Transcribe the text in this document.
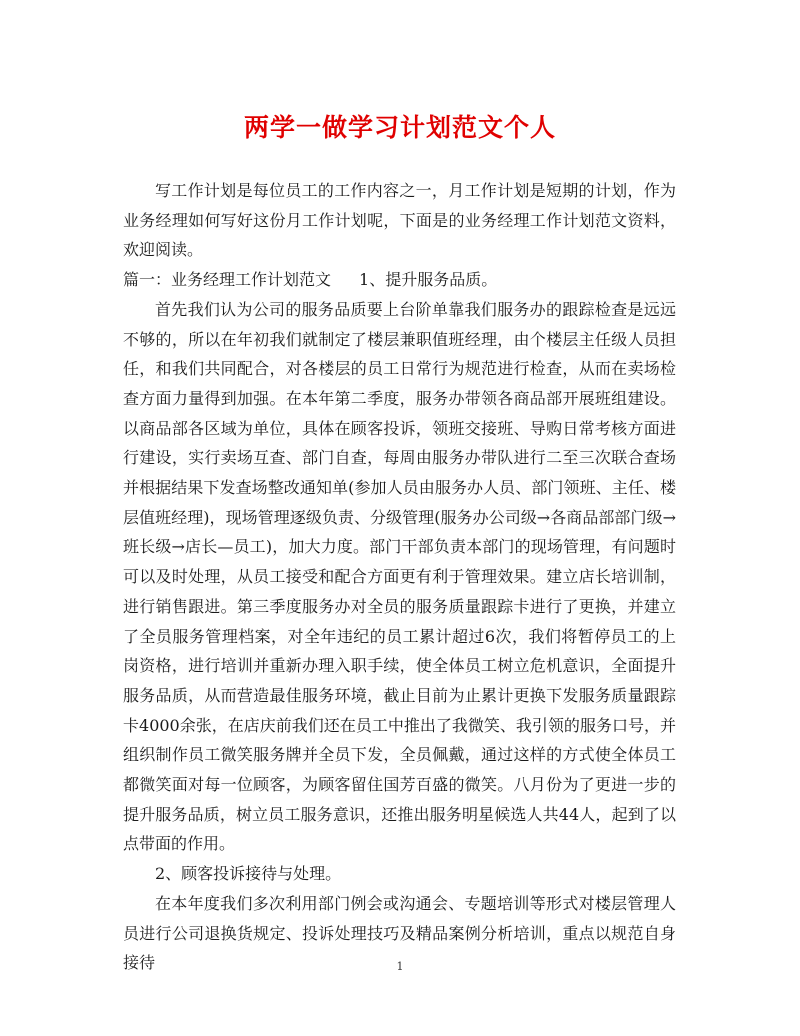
两学一做学习计划范文个人

写工作计划是每位员工的工作内容之一，月工作计划是短期的计划，作为业务经理如何写好这份月工作计划呢，下面是的业务经理工作计划范文资料，欢迎阅读。

篇一：业务经理工作计划范文 1、提升服务品质。

首先我们认为公司的服务品质要上台阶单靠我们服务办的跟踪检查是远远不够的，所以在年初我们就制定了楼层兼职值班经理，由个楼层主任级人员担任，和我们共同配合，对各楼层的员工日常行为规范进行检查，从而在卖场检查方面力量得到加强。在本年第二季度，服务办带领各商品部开展班组建设。以商品部各区域为单位，具体在顾客投诉，领班交接班、导购日常考核方面进行建设，实行卖场互查、部门自查，每周由服务办带队进行二至三次联合查场并根据结果下发查场整改通知单(参加人员由服务办人员、部门领班、主任、楼层值班经理)，现场管理逐级负责、分级管理(服务办公司级→各商品部部门级→班长级→店长—员工)，加大力度。部门干部负责本部门的现场管理，有问题时可以及时处理，从员工接受和配合方面更有利于管理效果。建立店长培训制，进行销售跟进。第三季度服务办对全员的服务质量跟踪卡进行了更换，并建立了全员服务管理档案，对全年违纪的员工累计超过6次，我们将暂停员工的上岗资格，进行培训并重新办理入职手续，使全体员工树立危机意识，全面提升服务品质，从而营造最佳服务环境，截止目前为止累计更换下发服务质量跟踪卡4000余张，在店庆前我们还在员工中推出了我微笑、我引领的服务口号，并组织制作员工微笑服务牌并全员下发，全员佩戴，通过这样的方式使全体员工都微笑面对每一位顾客，为顾客留住国芳百盛的微笑。八月份为了更进一步的提升服务品质，树立员工服务意识，还推出服务明星候选人共44人，起到了以点带面的作用。

2、顾客投诉接待与处理。

在本年度我们多次利用部门例会或沟通会、专题培训等形式对楼层管理人员进行公司退换货规定、投诉处理技巧及精品案例分析培训，重点以规范自身接待	1
